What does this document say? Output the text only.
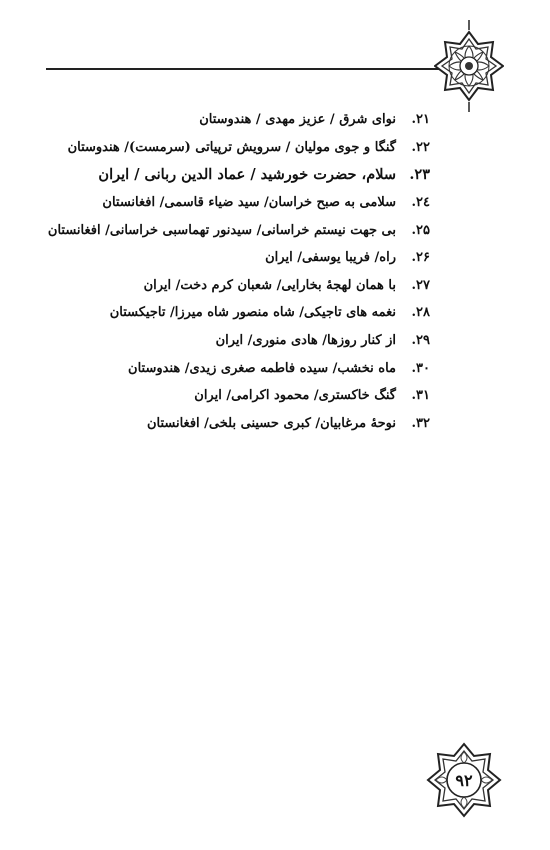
۹۲
۲۱.
نوای شرق / عزیز مهدی / هندوستان
۲۲.
گنگا و جوی مولیان / سرویش ترپیاتی (سرمست)/ هندوستان
۲۳.
سلام، حضرت خورشید / عماد الدین ربانی / ایران
۲٤.
سلامی به صبح خراسان/ سید ضیاء قاسمی/ افغانستان
۲۵.
بی جهت نیستم خراسانی/ سیدنور تهماسبی خراسانی/ افغانستان
۲۶.
راه/ فریبا یوسفی/ ایران
۲۷.
با همان لهجۀ بخارایی/ شعبان کرم دخت/ ایران
۲۸.
نغمه های تاجیکی/ شاه منصور شاه میرزا/ تاجیکستان
۲۹.
از کنار روزها/ هادی منوری/ ایران
۳۰.
ماه نخشب/ سیده فاطمه صغری زیدی/ هندوستان
۳۱.
گنگ خاکستری/ محمود اکرامی/ ایران
۳۲.
نوحۀ مرغابیان/ کبری حسینی بلخی/ افغانستان
